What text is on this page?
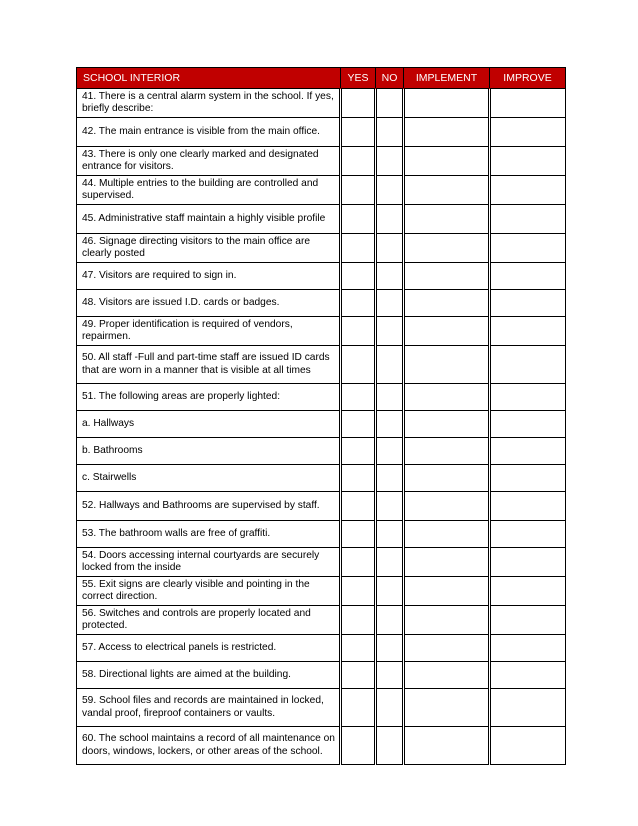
SCHOOL INTERIOR	YES	NO	IMPLEMENT	IMPROVE
41. There is a central alarm system in the school. If yes, briefly describe:				
42. The main entrance is visible from the main office.				
43. There is only one clearly marked and designated entrance for visitors.				
44. Multiple entries to the building are controlled and supervised.				
45. Administrative staff maintain a highly visible profile				
46. Signage directing visitors to the main office are clearly posted				
47. Visitors are required to sign in.				
48. Visitors are issued I.D. cards or badges.				
49. Proper identification is required of vendors, repairmen.				
50. All staff -Full and part-time staff are issued ID cards that are worn in a manner that is visible at all times				
51. The following areas are properly lighted:				
a. Hallways				
b. Bathrooms				
c. Stairwells				
52. Hallways and Bathrooms are supervised by staff.				
53. The bathroom walls are free of graffiti.				
54. Doors accessing internal courtyards are securely locked from the inside				
55. Exit signs are clearly visible and pointing in the correct direction.				
56. Switches and controls are properly located and protected.				
57. Access to electrical panels is restricted.				
58. Directional lights are aimed at the building.				
59. School files and records are maintained in locked, vandal proof, fireproof containers or vaults.				
60. The school maintains a record of all maintenance on doors, windows, lockers, or other areas of the school.				
